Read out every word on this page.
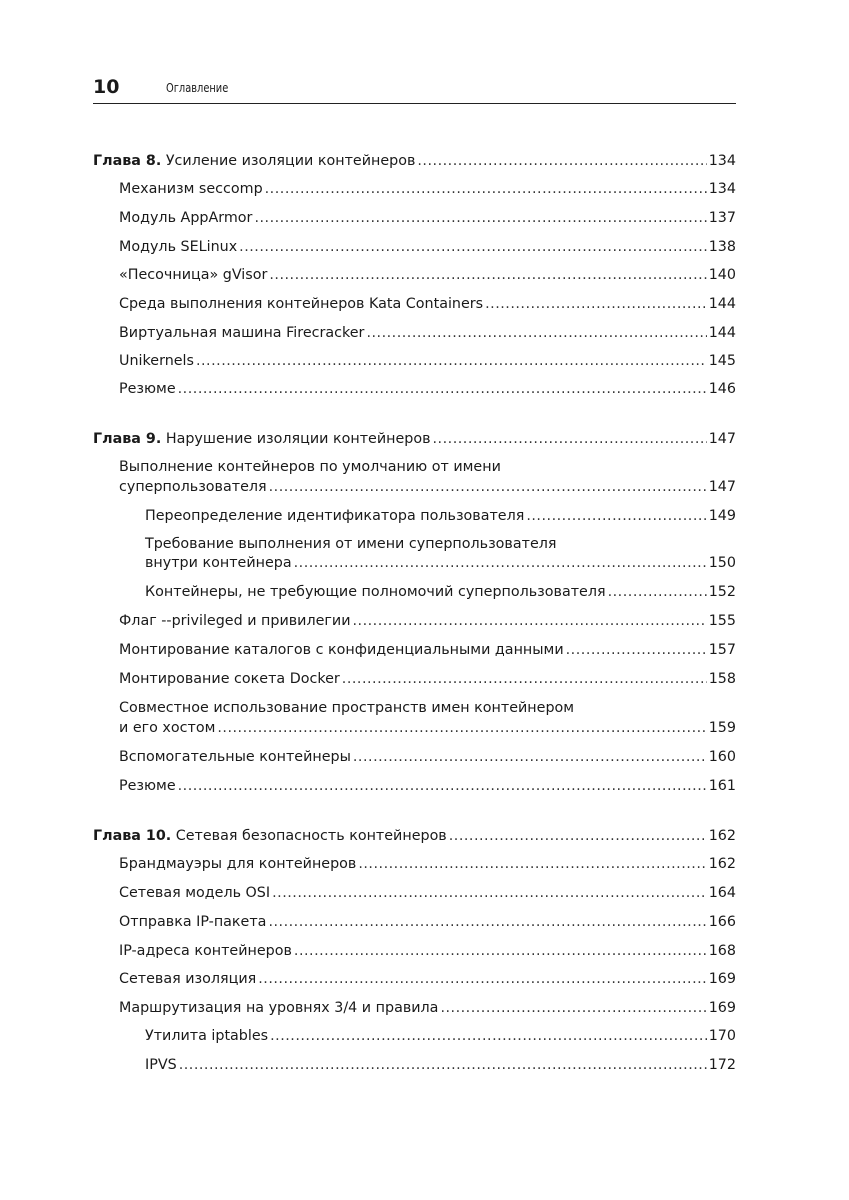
10	Оглавление
Глава 8. Усиление изоляции контейнеров .....	134
Механизм seccomp .....	134
Модуль AppArmor .....	137
Модуль SELinux .....	138
«Песочница» gVisor .....	140
Среда выполнения контейнеров Kata Containers .....	144
Виртуальная машина Firecracker .....	144
Unikernels .....	145
Резюме .....	146
Глава 9. Нарушение изоляции контейнеров .....	147
Выполнение контейнеров по умолчанию от имени
суперпользователя .....	147
Переопределение идентификатора пользователя .....	149
Требование выполнения от имени суперпользователя
внутри контейнера .....	150
Контейнеры, не требующие полномочий суперпользователя .....	152
Флаг --privileged и привилегии .....	155
Монтирование каталогов с конфиденциальными данными .....	157
Монтирование сокета Docker .....	158
Совместное использование пространств имен контейнером
и его хостом .....	159
Вспомогательные контейнеры .....	160
Резюме .....	161
Глава 10. Сетевая безопасность контейнеров .....	162
Брандмауэры для контейнеров .....	162
Сетевая модель OSI .....	164
Отправка IP-пакета .....	166
IP-адреса контейнеров .....	168
Сетевая изоляция .....	169
Маршрутизация на уровнях 3/4 и правила .....	169
Утилита iptables .....	170
IPVS .....	172
